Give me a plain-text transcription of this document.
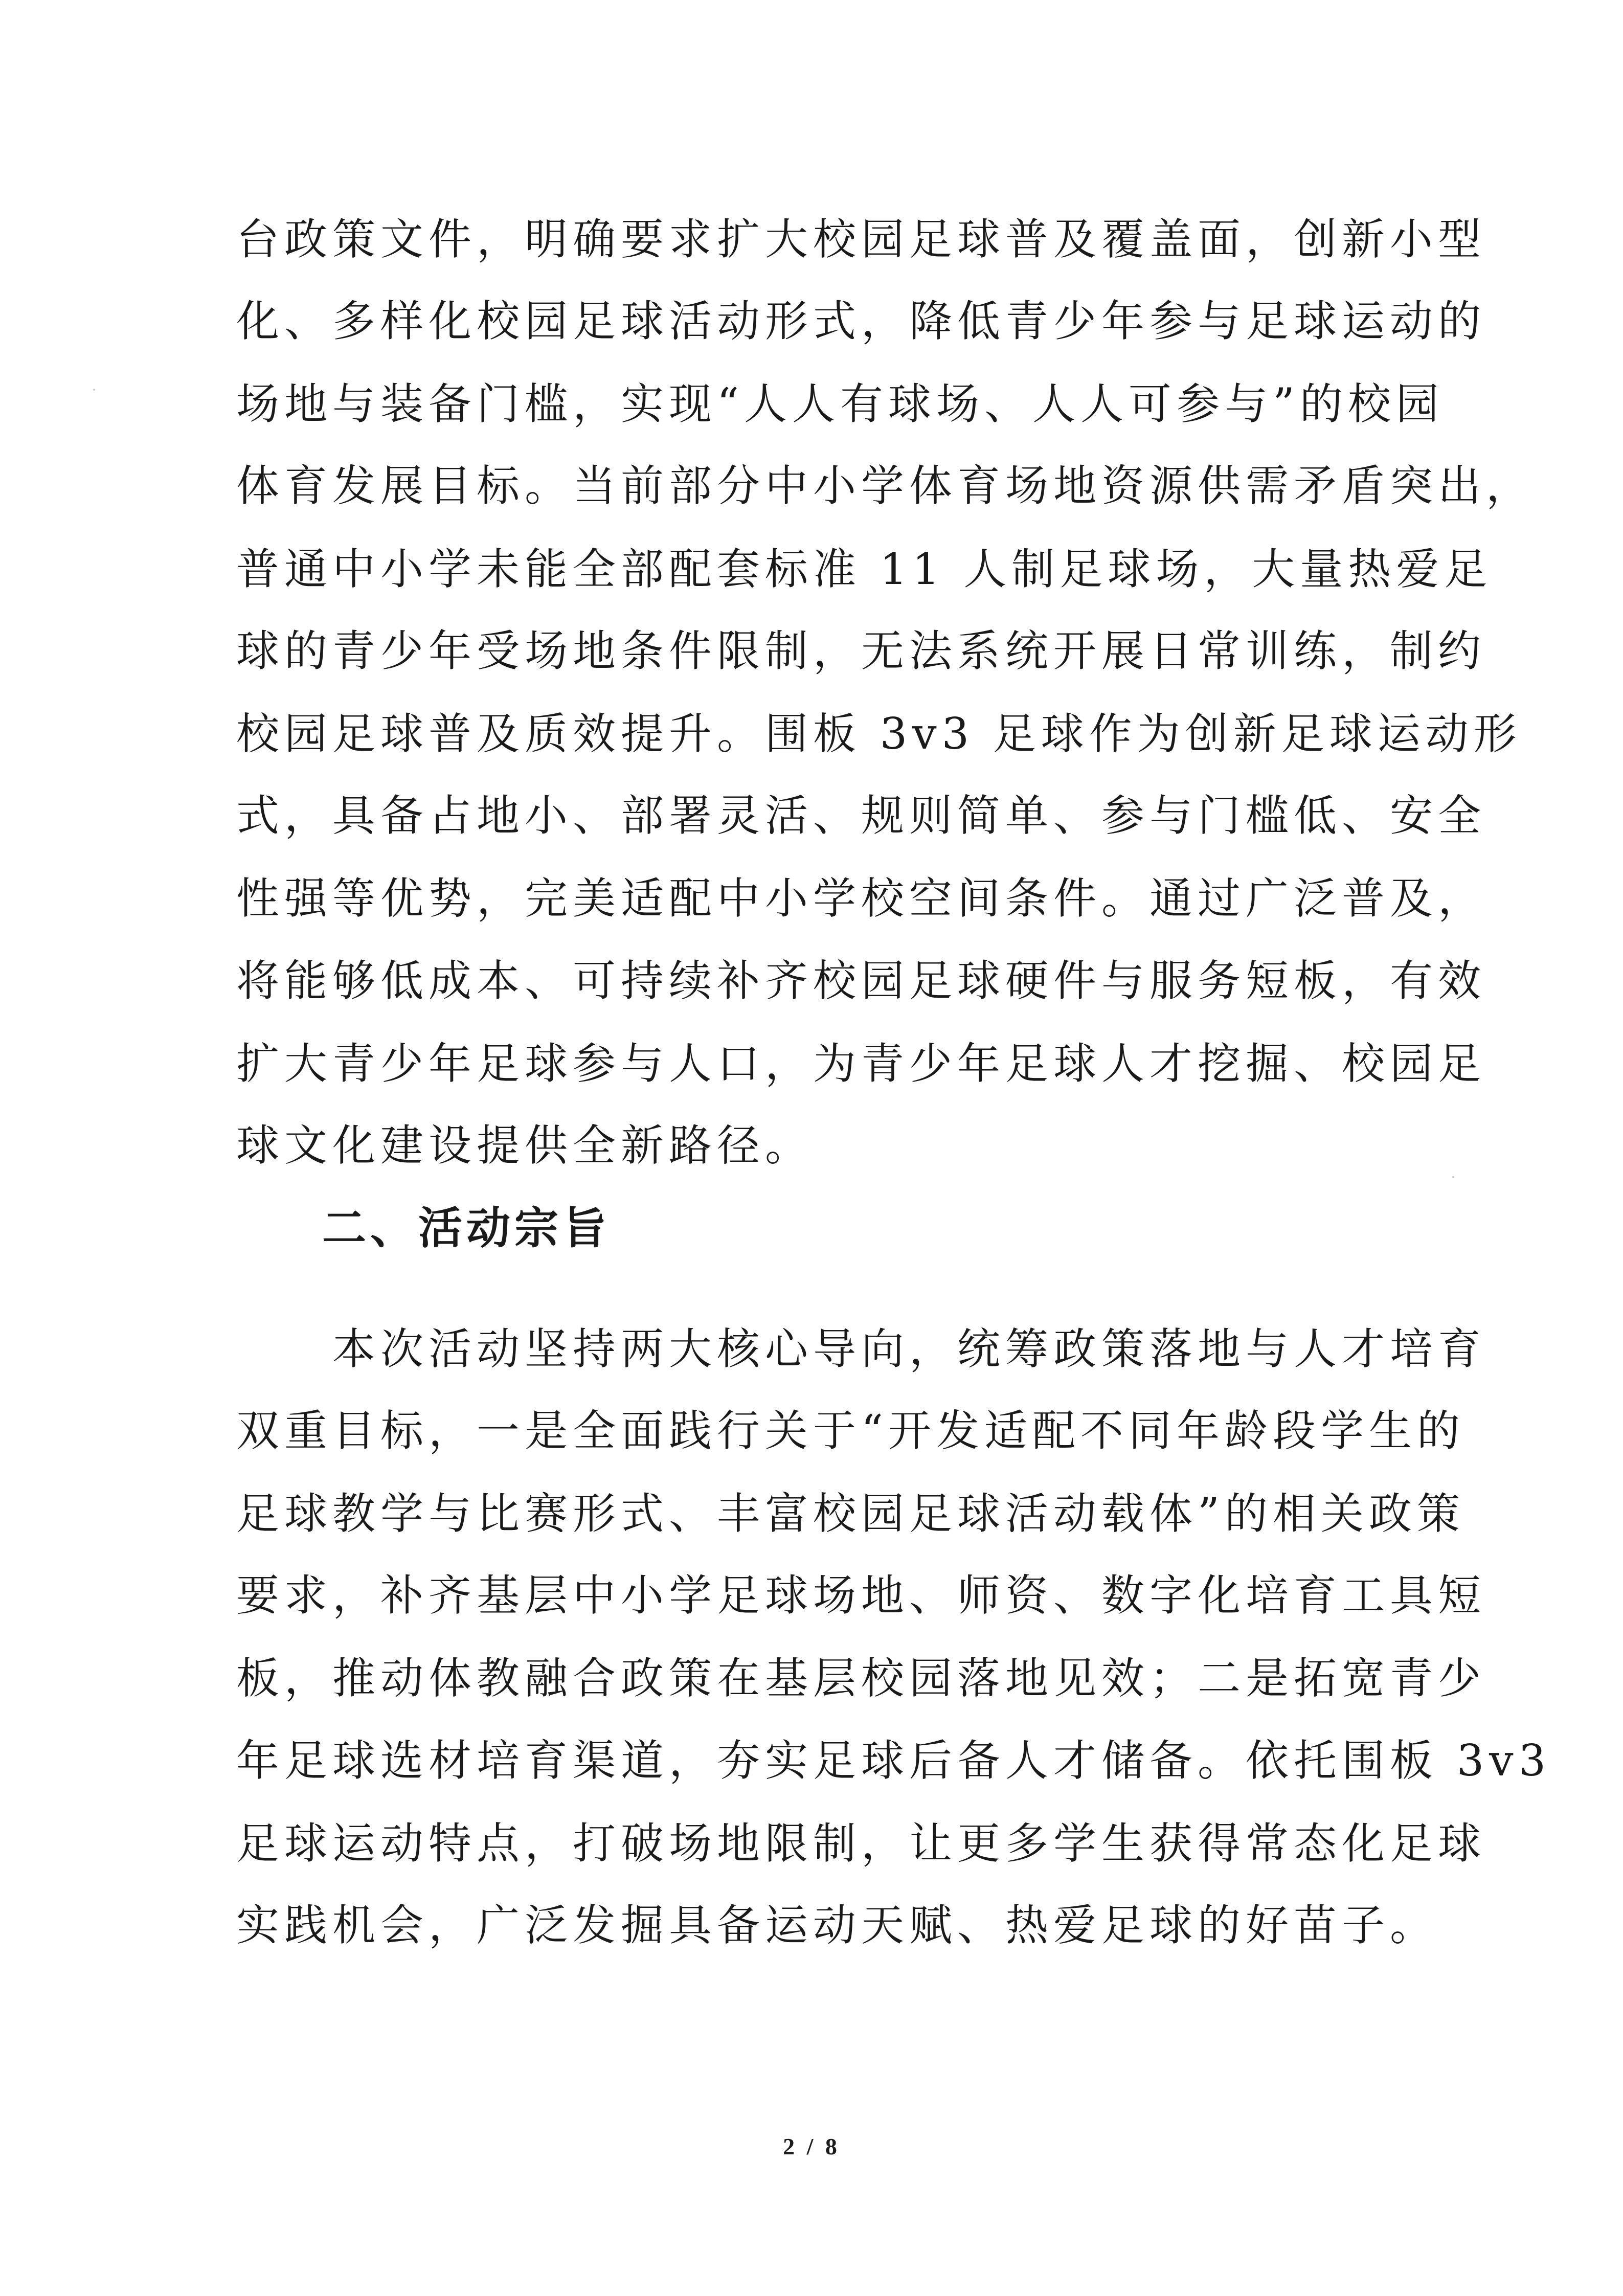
台政策文件，明确要求扩大校园足球普及覆盖面，创新小型
化、多样化校园足球活动形式，降低青少年参与足球运动的
场地与装备门槛，实现“人人有球场、人人可参与”的校园
体育发展目标。当前部分中小学体育场地资源供需矛盾突出，
普通中小学未能全部配套标准 11 人制足球场，大量热爱足
球的青少年受场地条件限制，无法系统开展日常训练，制约
校园足球普及质效提升。围板 3v3 足球作为创新足球运动形
式，具备占地小、部署灵活、规则简单、参与门槛低、安全
性强等优势，完美适配中小学校空间条件。通过广泛普及，
将能够低成本、可持续补齐校园足球硬件与服务短板，有效
扩大青少年足球参与人口，为青少年足球人才挖掘、校园足
球文化建设提供全新路径。
二、活动宗旨
　　本次活动坚持两大核心导向，统筹政策落地与人才培育
双重目标，一是全面践行关于“开发适配不同年龄段学生的
足球教学与比赛形式、丰富校园足球活动载体”的相关政策
要求，补齐基层中小学足球场地、师资、数字化培育工具短
板，推动体教融合政策在基层校园落地见效；二是拓宽青少
年足球选材培育渠道，夯实足球后备人才储备。依托围板 3v3
足球运动特点，打破场地限制，让更多学生获得常态化足球
实践机会，广泛发掘具备运动天赋、热爱足球的好苗子。
2 / 8
